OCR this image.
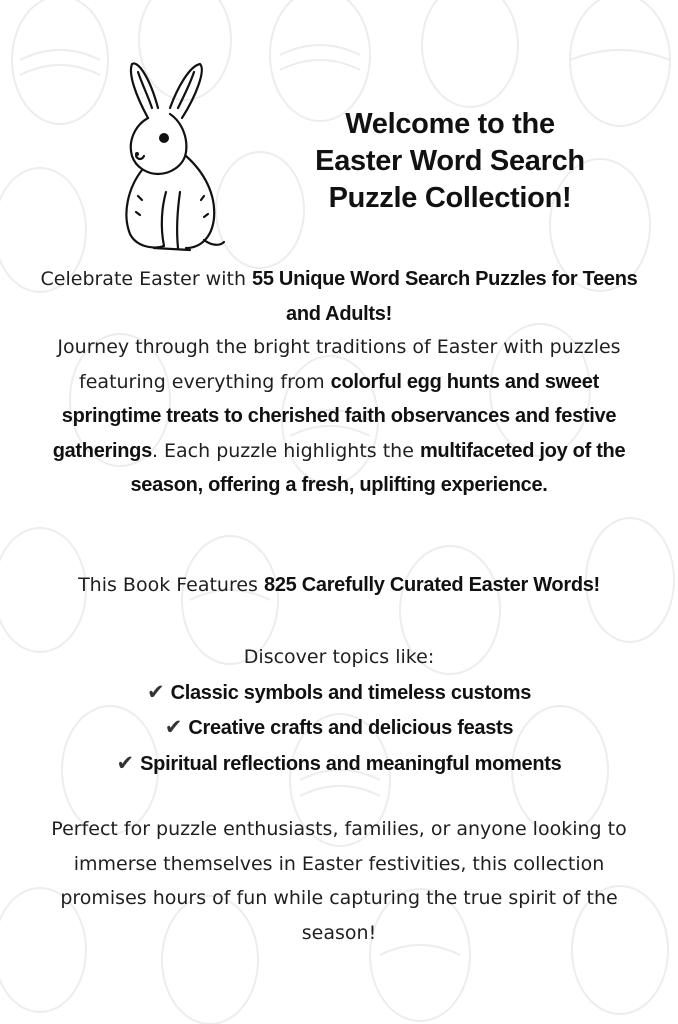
Welcome to the
Easter Word Search
Puzzle Collection!
Celebrate Easter with 55 Unique Word Search Puzzles for Teens and Adults!
Journey through the bright traditions of Easter with puzzles featuring everything from colorful egg hunts and sweet springtime treats to cherished faith observances and festive gatherings. Each puzzle highlights the multifaceted joy of the season, offering a fresh, uplifting experience.
This Book Features 825 Carefully Curated Easter Words!
Discover topics like:
✔ Classic symbols and timeless customs
✔ Creative crafts and delicious feasts
✔ Spiritual reflections and meaningful moments
Perfect for puzzle enthusiasts, families, or anyone looking to immerse themselves in Easter festivities, this collection promises hours of fun while capturing the true spirit of the season!
